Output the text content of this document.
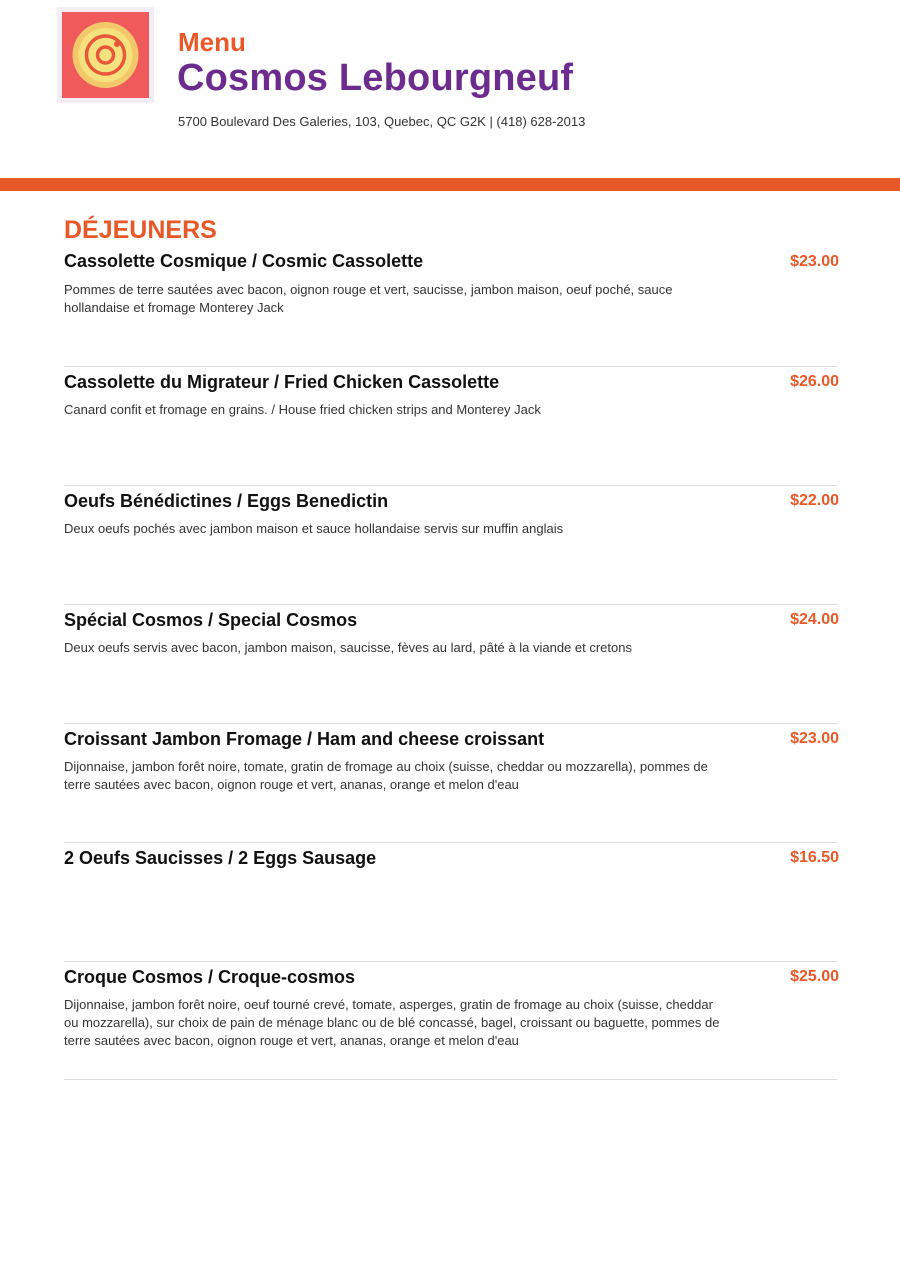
Menu
Cosmos Lebourgneuf
5700 Boulevard Des Galeries, 103, Quebec, QC G2K | (418) 628-2013
DÉJEUNERS
Cassolette Cosmique / Cosmic Cassolette	$23.00
Pommes de terre sautées avec bacon, oignon rouge et vert, saucisse, jambon maison, oeuf poché, sauce hollandaise et fromage Monterey Jack
Cassolette du Migrateur / Fried Chicken Cassolette	$26.00
Canard confit et fromage en grains. / House fried chicken strips and Monterey Jack
Oeufs Bénédictines / Eggs Benedictin	$22.00
Deux oeufs pochés avec jambon maison et sauce hollandaise servis sur muffin anglais
Spécial Cosmos / Special Cosmos	$24.00
Deux oeufs servis avec bacon, jambon maison, saucisse, fèves au lard, pâté à la viande et cretons
Croissant Jambon Fromage / Ham and cheese croissant	$23.00
Dijonnaise, jambon forêt noire, tomate, gratin de fromage au choix (suisse, cheddar ou mozzarella), pommes de terre sautées avec bacon, oignon rouge et vert, ananas, orange et melon d'eau
2 Oeufs Saucisses / 2 Eggs Sausage	$16.50
Croque Cosmos / Croque-cosmos	$25.00
Dijonnaise, jambon forêt noire, oeuf tourné crevé, tomate, asperges, gratin de fromage au choix (suisse, cheddar ou mozzarella), sur choix de pain de ménage blanc ou de blé concassé, bagel, croissant ou baguette, pommes de terre sautées avec bacon, oignon rouge et vert, ananas, orange et melon d'eau
